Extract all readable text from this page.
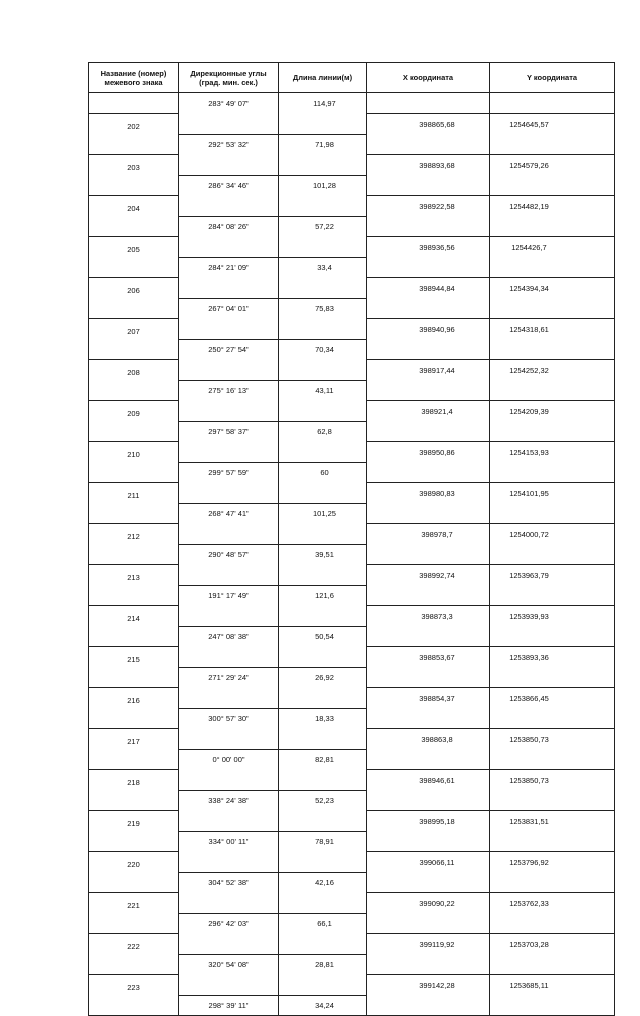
Название (номер) межевого знака	Дирекционные углы (град. мин. сек.)	Длина линии(м)	X координата	Y координата
	283° 49' 07"	114,97		
202			398865,68	1254645,57
	292° 53' 32"	71,98		
203			398893,68	1254579,26
	286° 34' 46"	101,28		
204			398922,58	1254482,19
	284° 08' 26"	57,22		
205			398936,56	1254426,7
	284° 21' 09"	33,4		
206			398944,84	1254394,34
	267° 04' 01"	75,83		
207			398940,96	1254318,61
	250° 27' 54"	70,34		
208			398917,44	1254252,32
	275° 16' 13"	43,11		
209			398921,4	1254209,39
	297° 58' 37"	62,8		
210			398950,86	1254153,93
	299° 57' 59"	60		
211			398980,83	1254101,95
	268° 47' 41"	101,25		
212			398978,7	1254000,72
	290° 48' 57"	39,51		
213			398992,74	1253963,79
	191° 17' 49"	121,6		
214			398873,3	1253939,93
	247° 08' 38"	50,54		
215			398853,67	1253893,36
	271° 29' 24"	26,92		
216			398854,37	1253866,45
	300° 57' 30"	18,33		
217			398863,8	1253850,73
	0° 00' 00"	82,81		
218			398946,61	1253850,73
	338° 24' 38"	52,23		
219			398995,18	1253831,51
	334° 00' 11"	78,91		
220			399066,11	1253796,92
	304° 52' 38"	42,16		
221			399090,22	1253762,33
	296° 42' 03"	66,1		
222			399119,92	1253703,28
	320° 54' 08"	28,81		
223			399142,28	1253685,11
	298° 39' 11"	34,24		
